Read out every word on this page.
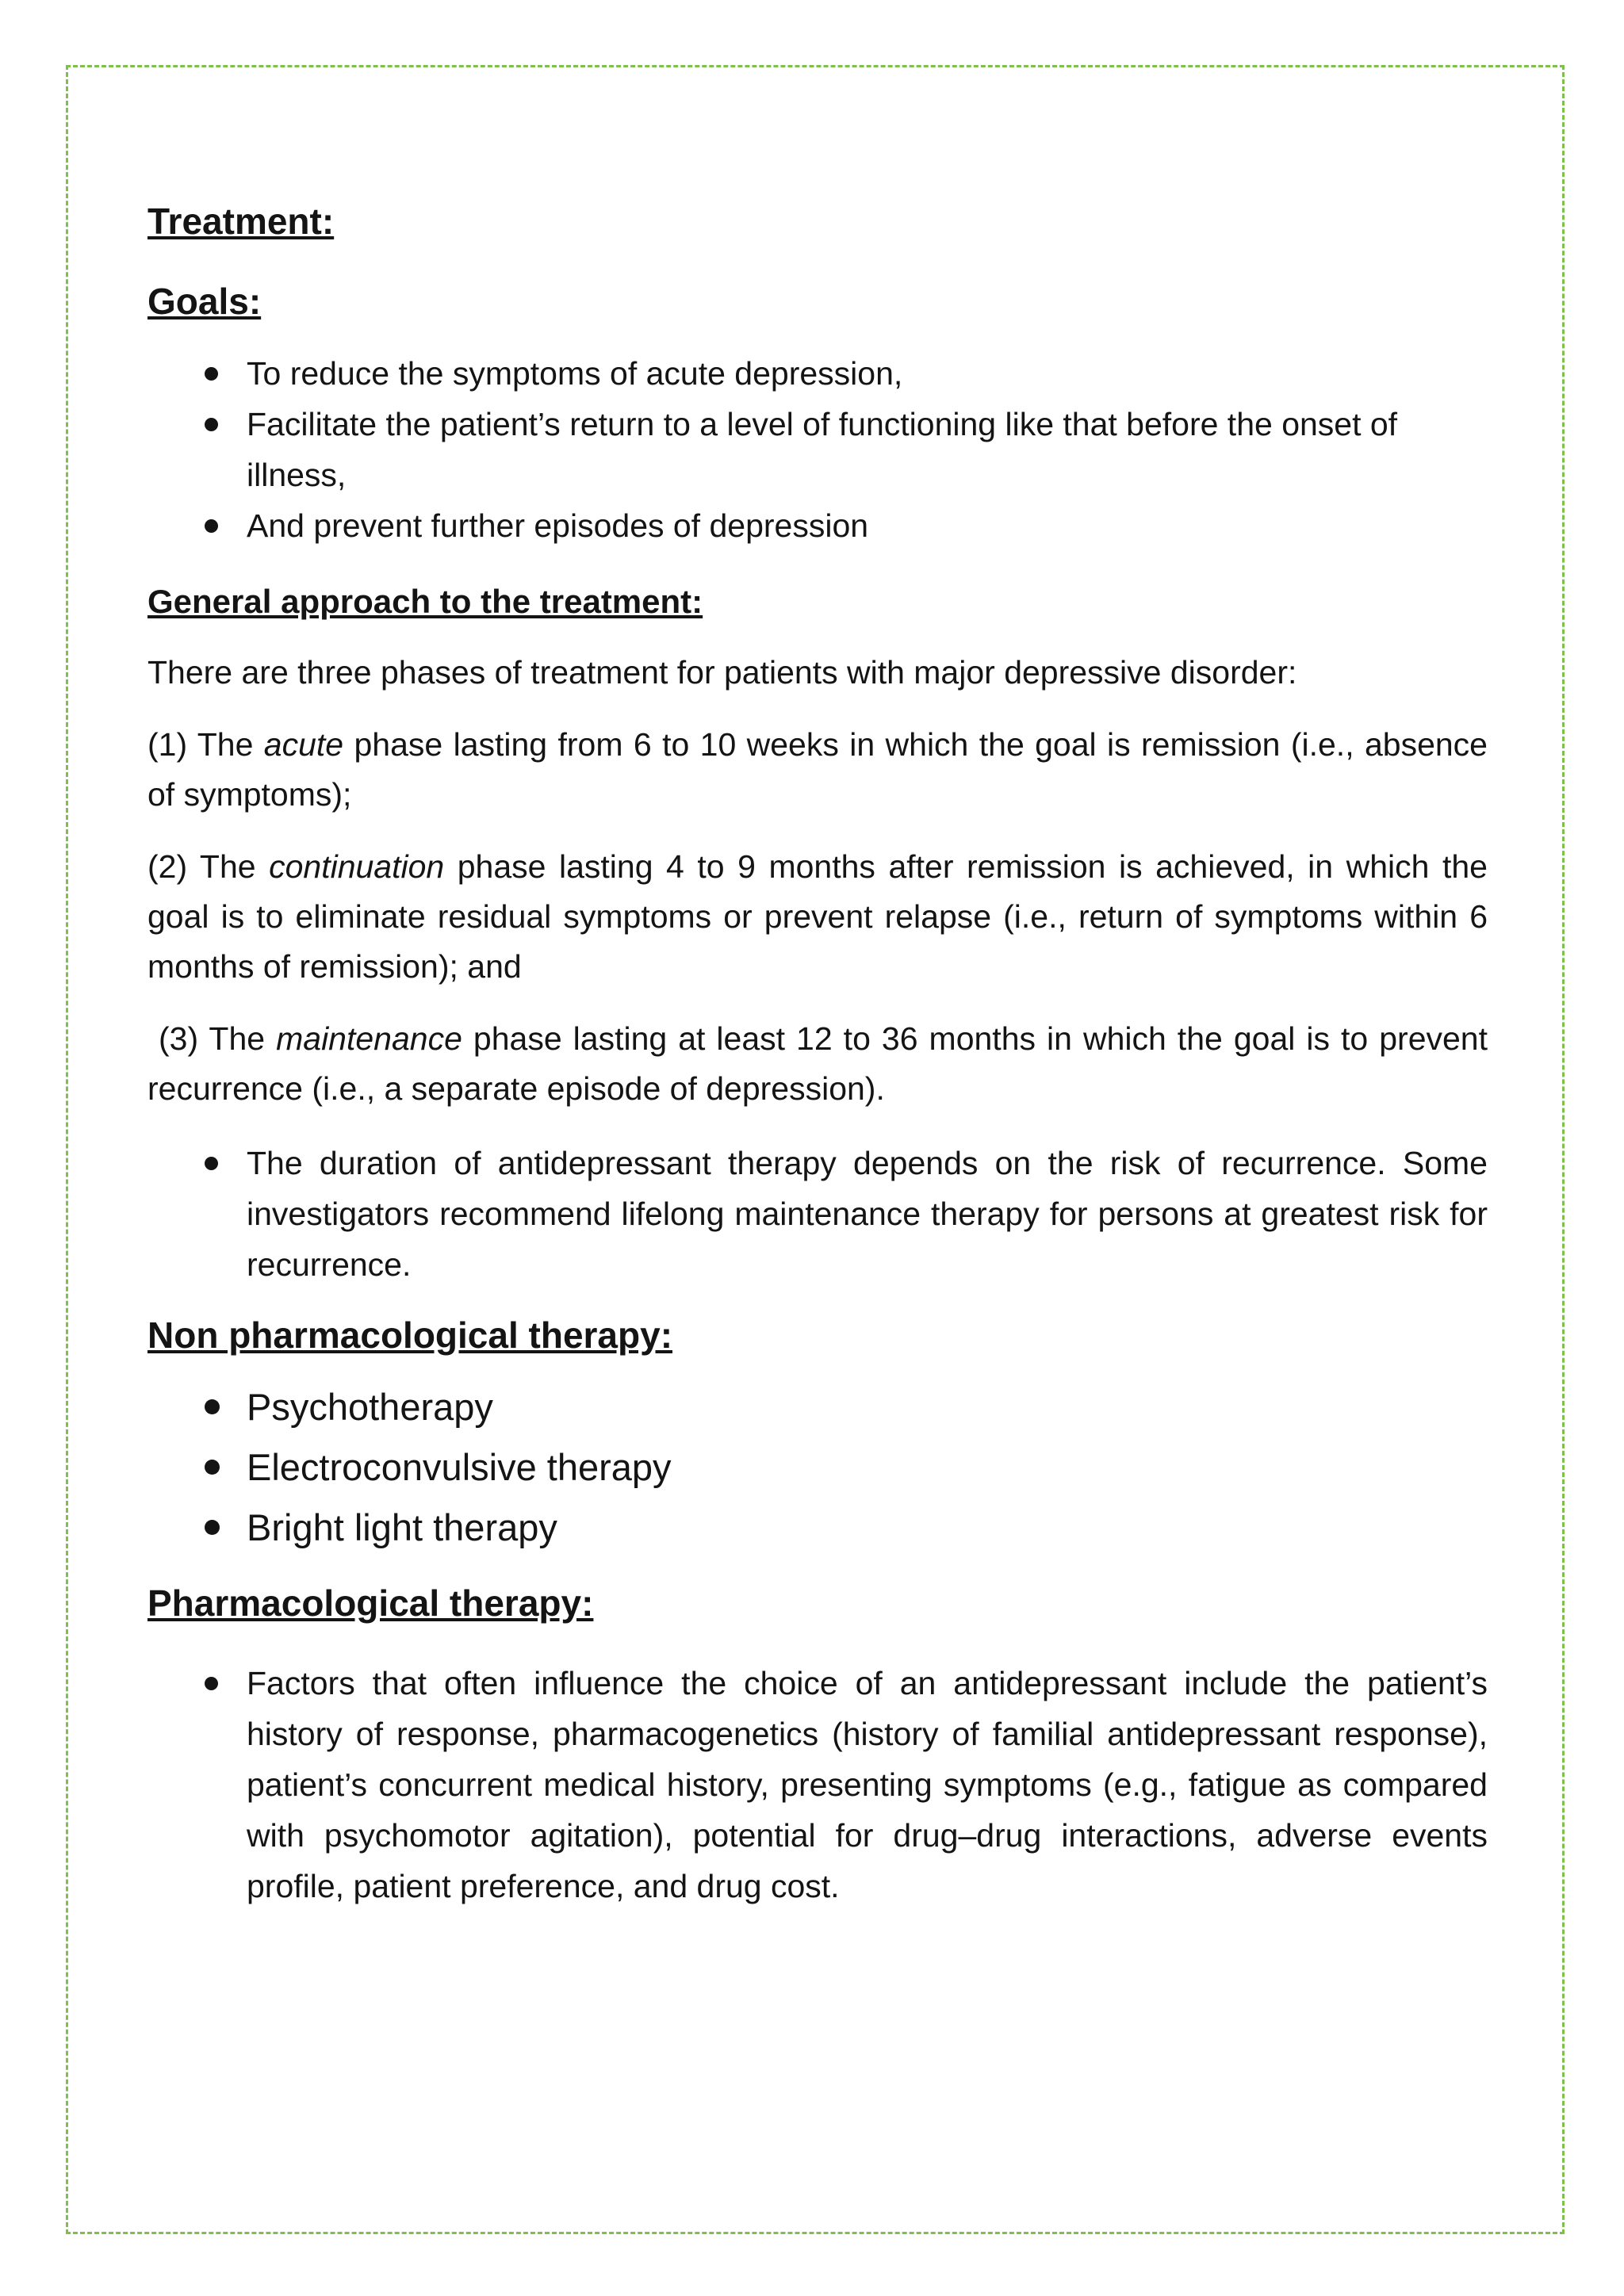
Treatment:
Goals:
To reduce the symptoms of acute depression,
Facilitate the patient’s return to a level of functioning like that before the onset of illness,
And prevent further episodes of depression
General approach to the treatment:

There are three phases of treatment for patients with major depressive disorder:

(1) The acute phase lasting from 6 to 10 weeks in which the goal is remission (i.e., absence of symptoms);

(2) The continuation phase lasting 4 to 9 months after remission is achieved, in which the goal is to eliminate residual symptoms or prevent relapse (i.e., return of symptoms within 6 months of remission); and

(3) The maintenance phase lasting at least 12 to 36 months in which the goal is to prevent recurrence (i.e., a separate episode of depression).

The duration of antidepressant therapy depends on the risk of recurrence. Some investigators recommend lifelong maintenance therapy for persons at greatest risk for recurrence.
Non pharmacological therapy:
Psychotherapy
Electroconvulsive therapy
Bright light therapy
Pharmacological therapy:
Factors that often influence the choice of an antidepressant include the patient’s history of response, pharmacogenetics (history of familial antidepressant response), patient’s concurrent medical history, presenting symptoms (e.g., fatigue as compared with psychomotor agitation), potential for drug–drug interactions, adverse events profile, patient preference, and drug cost.
